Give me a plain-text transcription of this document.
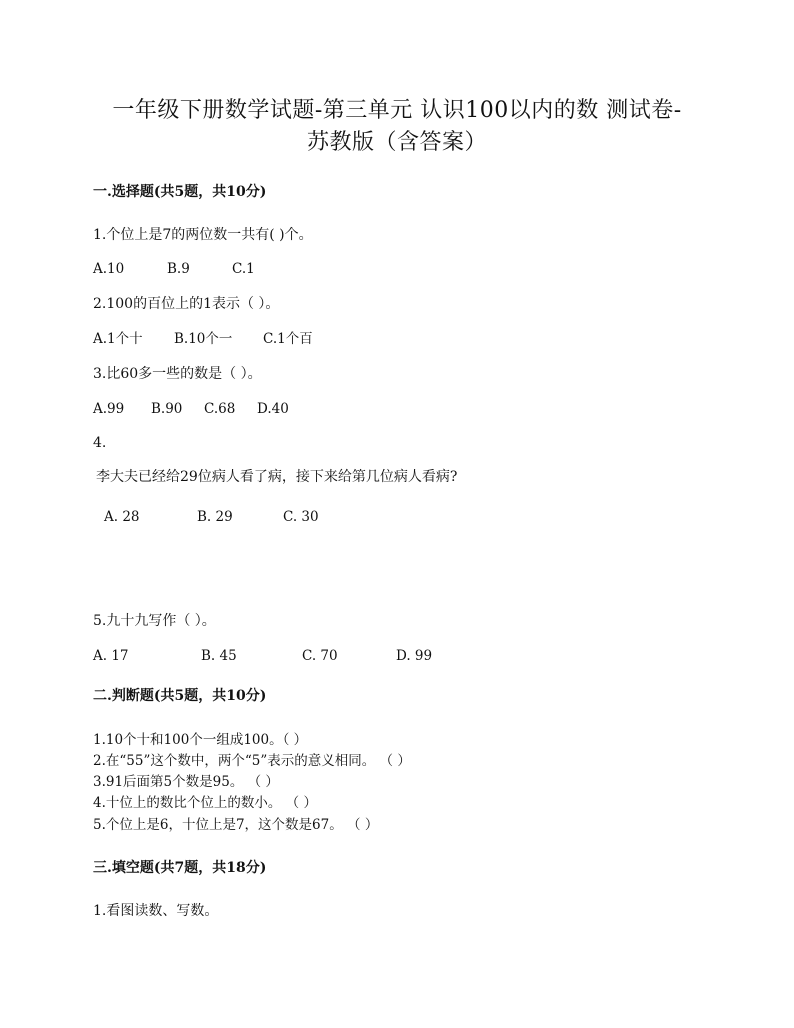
一年级下册数学试题-第三单元 认识100以内的数 测试卷-
苏教版（含答案）
一.选择题(共5题，共10分)
1.个位上是7的两位数一共有( )个。
A.10	B.9	C.1
2.100的百位上的1表示（ ）。
A.1个十 B.10个一 C.1个百
3.比60多一些的数是（ ）。
A.99 B.90 C.68 D.40
4.
李大夫已经给29位病人看了病，接下来给第几位病人看病?
A. 28	B. 29	C. 30
5.九十九写作（ ）。
A. 17	B. 45	C. 70	D. 99
二.判断题(共5题，共10分)
1.10个十和100个一组成100。（ ）
2.在“55”这个数中，两个“5”表示的意义相同。 （ ）
3.91后面第5个数是95。 （ ）
4.十位上的数比个位上的数小。 （ ）
5.个位上是6，十位上是7，这个数是67。 （ ）
三.填空题(共7题，共18分)
1.看图读数、写数。
